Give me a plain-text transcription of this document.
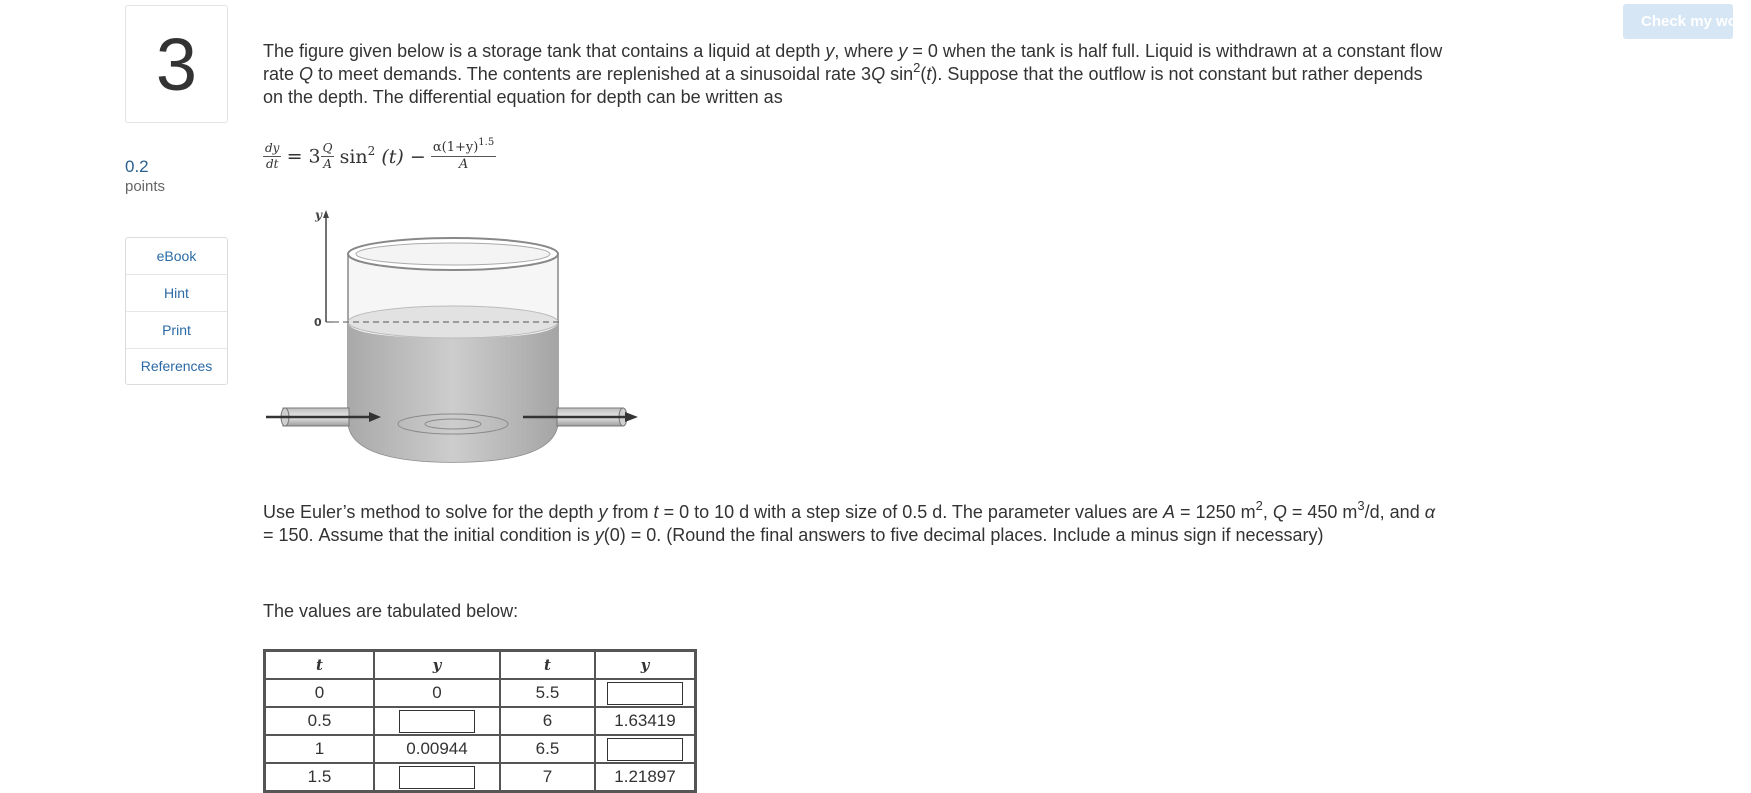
3
0.2
points
eBook
Hint
Print
References
Check my work

The figure given below is a storage tank that contains a liquid at depth y, where y = 0 when the tank is half full. Liquid is withdrawn at a constant flow rate Q to meet demands. The contents are replenished at a sinusoidal rate 3Q $\sin^2(t)$. Suppose that the outflow is not constant but rather depends on the depth. The differential equation for depth can be written as

$\frac{dy}{dt} = 3 \frac{Q}{A} \sin^2 (t) - \frac{\alpha(1+y)^{1.5}}{A}$
y
0

Use Euler’s method to solve for the depth y from t = 0 to 10 d with a step size of 0.5 d. The parameter values are A = 1250 $m^2$, Q = 450 $m^3/d$, and α = 150. Assume that the initial condition is y(0) = 0. (Round the final answers to five decimal places. Include a minus sign if necessary)

The values are tabulated below:
t	y	t	y
0	0	5.5	
0.5		6	1.63419
1	0.00944	6.5	
1.5		7	1.21897
